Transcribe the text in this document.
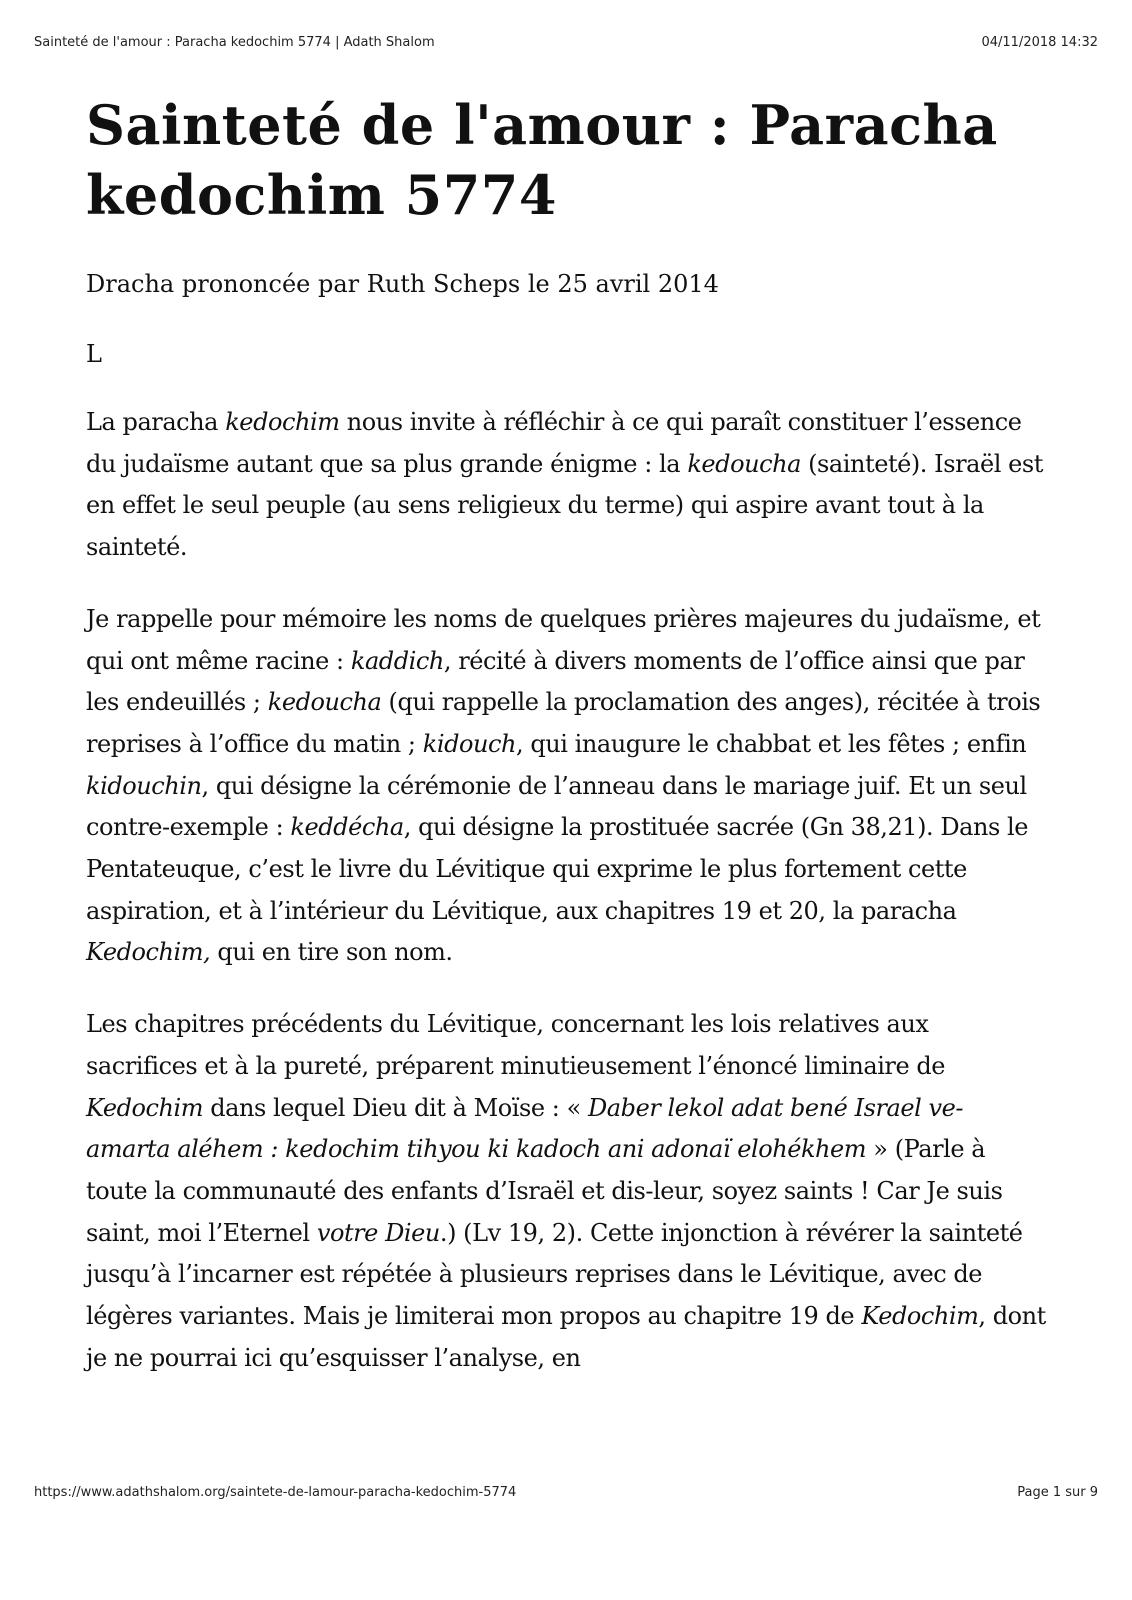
Sainteté de l'amour : Paracha kedochim 5774 | Adath Shalom	04/11/2018 14:32
Sainteté de l'amour : Paracha kedochim 5774

Dracha prononcée par Ruth Scheps le 25 avril 2014

L

La paracha kedochim nous invite à réfléchir à ce qui paraît constituer l’essence du judaïsme autant que sa plus grande énigme : la kedoucha (sainteté). Israël est en effet le seul peuple (au sens religieux du terme) qui aspire avant tout à la sainteté.

Je rappelle pour mémoire les noms de quelques prières majeures du judaïsme, et qui ont même racine : kaddich, récité à divers moments de l’office ainsi que par les endeuillés ; kedoucha (qui rappelle la proclamation des anges), récitée à trois reprises à l’office du matin ; kidouch, qui inaugure le chabbat et les fêtes ; enfin kidouchin, qui désigne la cérémonie de l’anneau dans le mariage juif. Et un seul contre-exemple : keddécha, qui désigne la prostituée sacrée (Gn 38,21). Dans le Pentateuque, c’est le livre du Lévitique qui exprime le plus fortement cette aspiration, et à l’intérieur du Lévitique, aux chapitres 19 et 20, la paracha Kedochim, qui en tire son nom.

Les chapitres précédents du Lévitique, concernant les lois relatives aux sacrifices et à la pureté, préparent minutieusement l’énoncé liminaire de Kedochim dans lequel Dieu dit à Moïse : « Daber lekol adat bené Israel ve-amarta aléhem : kedochim tihyou ki kadoch ani adonaï elohékhem » (Parle à toute la communauté des enfants d’Israël et dis-leur, soyez saints ! Car Je suis saint, moi l’Eternel votre Dieu.) (Lv 19, 2). Cette injonction à révérer la sainteté jusqu’à l’incarner est répétée à plusieurs reprises dans le Lévitique, avec de légères variantes. Mais je limiterai mon propos au chapitre 19 de Kedochim, dont je ne pourrai ici qu’esquisser l’analyse, en

https://www.adathshalom.org/saintete-de-lamour-paracha-kedochim-5774	Page 1 sur 9
